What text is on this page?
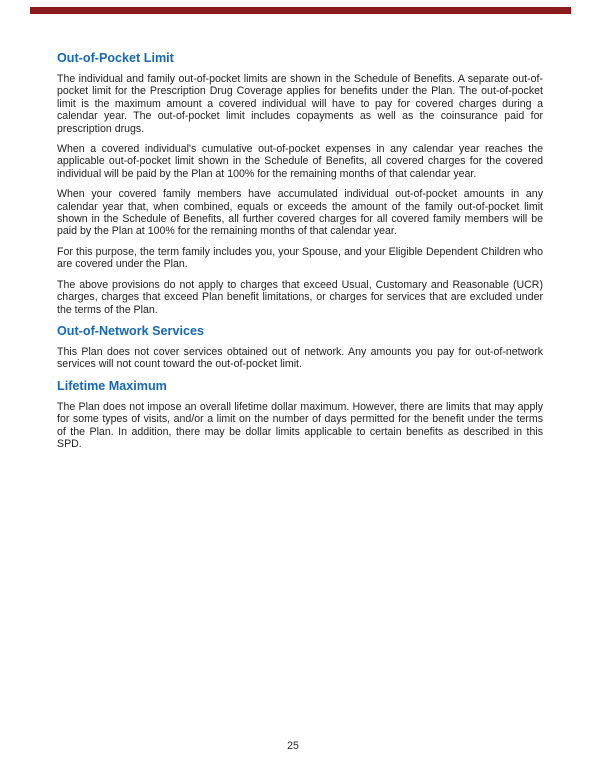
Out-of-Pocket Limit

The individual and family out-of-pocket limits are shown in the Schedule of Benefits. A separate out-of-pocket limit for the Prescription Drug Coverage applies for benefits under the Plan. The out-of-pocket limit is the maximum amount a covered individual will have to pay for covered charges during a calendar year. The out-of-pocket limit includes copayments as well as the coinsurance paid for prescription drugs.

When a covered individual's cumulative out-of-pocket expenses in any calendar year reaches the applicable out-of-pocket limit shown in the Schedule of Benefits, all covered charges for the covered individual will be paid by the Plan at 100% for the remaining months of that calendar year.

When your covered family members have accumulated individual out-of-pocket amounts in any calendar year that, when combined, equals or exceeds the amount of the family out-of-pocket limit shown in the Schedule of Benefits, all further covered charges for all covered family members will be paid by the Plan at 100% for the remaining months of that calendar year.

For this purpose, the term family includes you, your Spouse, and your Eligible Dependent Children who are covered under the Plan.

The above provisions do not apply to charges that exceed Usual, Customary and Reasonable (UCR) charges, charges that exceed Plan benefit limitations, or charges for services that are excluded under the terms of the Plan.

Out-of-Network Services

This Plan does not cover services obtained out of network. Any amounts you pay for out-of-network services will not count toward the out-of-pocket limit.

Lifetime Maximum

The Plan does not impose an overall lifetime dollar maximum. However, there are limits that may apply for some types of visits, and/or a limit on the number of days permitted for the benefit under the terms of the Plan. In addition, there may be dollar limits applicable to certain benefits as described in this SPD.

25
